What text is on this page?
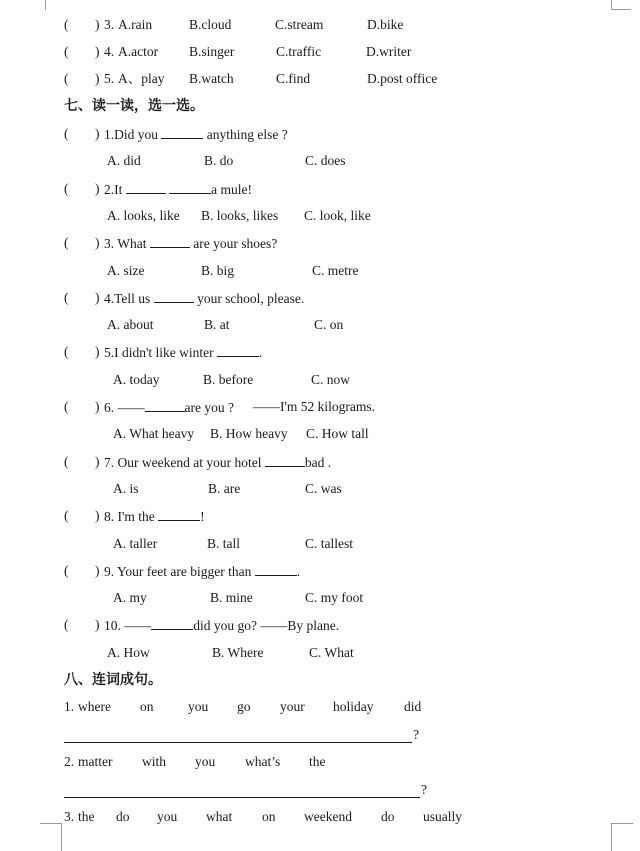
( ) 3. A.rain	B.cloud	C.stream	D.bike
( ) 4. A.actor B.singer	C.traffic	D.writer
( ) 5. A、play B.watch	C.find	D.post office
七、读一读，选一选。
( ) 1.Did you	anything else ?
A. did	B. do	C. does
( ) 2.It	a mule!
A. looks, like B. looks, likes C. look, like
( ) 3. What	are your shoes?
A. size	B. big	C. metre
( ) 4.Tell us	your school, please.
A. about	B. at	C. on
( ) 5.I didn't like winter	.
A. today	B. before	C. now
( ) 6. ——	are you ? ——I'm 52 kilograms.
A. What heavy B. How heavy C. How tall
( ) 7. Our weekend at your hotel	bad .
A. is	B. are	C. was
( ) 8. I'm the	!
A. taller	B. tall	C. tallest
( ) 9. Your feet are bigger than	.
A. my	B. mine	C. my foot
( ) 10. ——	did you go? ——By plane.
A. How	B. Where	C. What
八、连词成句。
1. where on	you go your holiday did
?
2. matter with you what’s the
?
3. the do you what on weekend do usually
